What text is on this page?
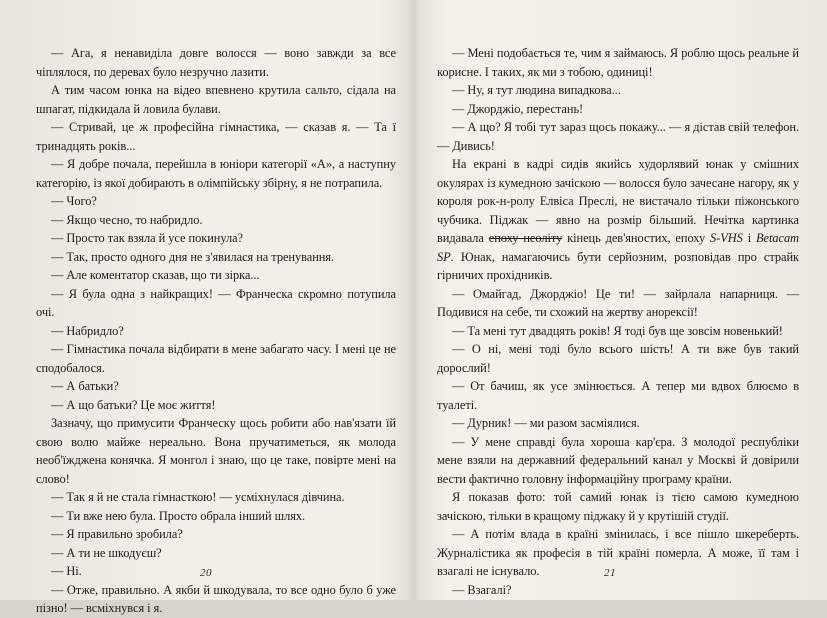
— Ага, я ненавиділа довге волосся — воно завжди за все чіплялося, по деревах було незручно лазити.

А тим часом юнка на відео впевнено крутила сальто, сідала на шпагат, підкидала й ловила булави.

— Стривай, це ж професійна гімнастика, — сказав я. — Та ї тринадцять років...

— Я добре почала, перейшла в юніори категорії «А», а наступну категорію, із якої добирають в олімпійську збірну, я не потрапила.

— Чого?

— Якщо чесно, то набридло.

— Просто так взяла й усе покинула?

— Так, просто одного дня не з'явилася на тренування.

— Але коментатор сказав, що ти зірка...

— Я була одна з найкращих! — Франческа скромно потупила очі.

— Набридло?

— Гімнастика почала відбирати в мене забагато часу. І мені це не сподобалося.

— А батьки?

— А що батьки? Це моє життя!

Зазначу, що примусити Франческу щось робити або нав'язати їй свою волю майже нереально. Вона пручатиметься, як молода необ'їжджена конячка. Я монгол і знаю, що це таке, повірте мені на слово!

— Так я й не стала гімнасткою! — усміхнулася дівчина.

— Ти вже нею була. Просто обрала інший шлях.

— Я правильно зробила?

— А ти не шкодуєш?

— Ні.

— Отже, правильно. А якби й шкодувала, то все одно було б уже пізно! — всміхнувся і я.

20

— Мені подобається те, чим я займаюсь. Я роблю щось реальне й корисне. І таких, як ми з тобою, одиниці!

— Ну, я тут людина випадкова...

— Джорджіо, перестань!

— А що? Я тобі тут зараз щось покажу... — я дістав свій телефон. — Дивись!

На екрані в кадрі сидів якийсь худорлявий юнак у смішних окулярах із кумедною зачіскою — волосся було зачесане нагору, як у короля рок-н-ролу Елвіса Преслі, не вистачало тільки піжонського чубчика. Піджак — явно на розмір більший. Нечітка картинка видавала епоху неоліту кінець дев'яностих, епоху S-VHS і Betacam SP. Юнак, намагаючись бути серйозним, розповідав про страйк гірничих прохідників.

— Омайгад, Джорджіо! Це ти! — зайрлала напарниця. — Подивися на себе, ти схожий на жертву анорексії!

— Та мені тут двадцять років! Я тоді був ще зовсім новенький!

— О ні, мені тоді було всього шість! А ти вже був такий дорослий!

— От бачиш, як усе змінюється. А тепер ми вдвох блюємо в туалеті.

— Дурник! — ми разом засміялися.

— У мене справді була хороша кар'єра. З молодої республіки мене взяли на державний федеральний канал у Москві й довірили вести фактично головну інформаційну програму країни.

Я показав фото: той самий юнак із тією самою кумедною зачіскою, тільки в кращому піджаку й у крутішій студії.

— А потім влада в країні змінилась, і все пішло шкереберть. Журналістика як професія в тій країні померла. А може, її там і взагалі не існувало.

— Взагалі?

21
